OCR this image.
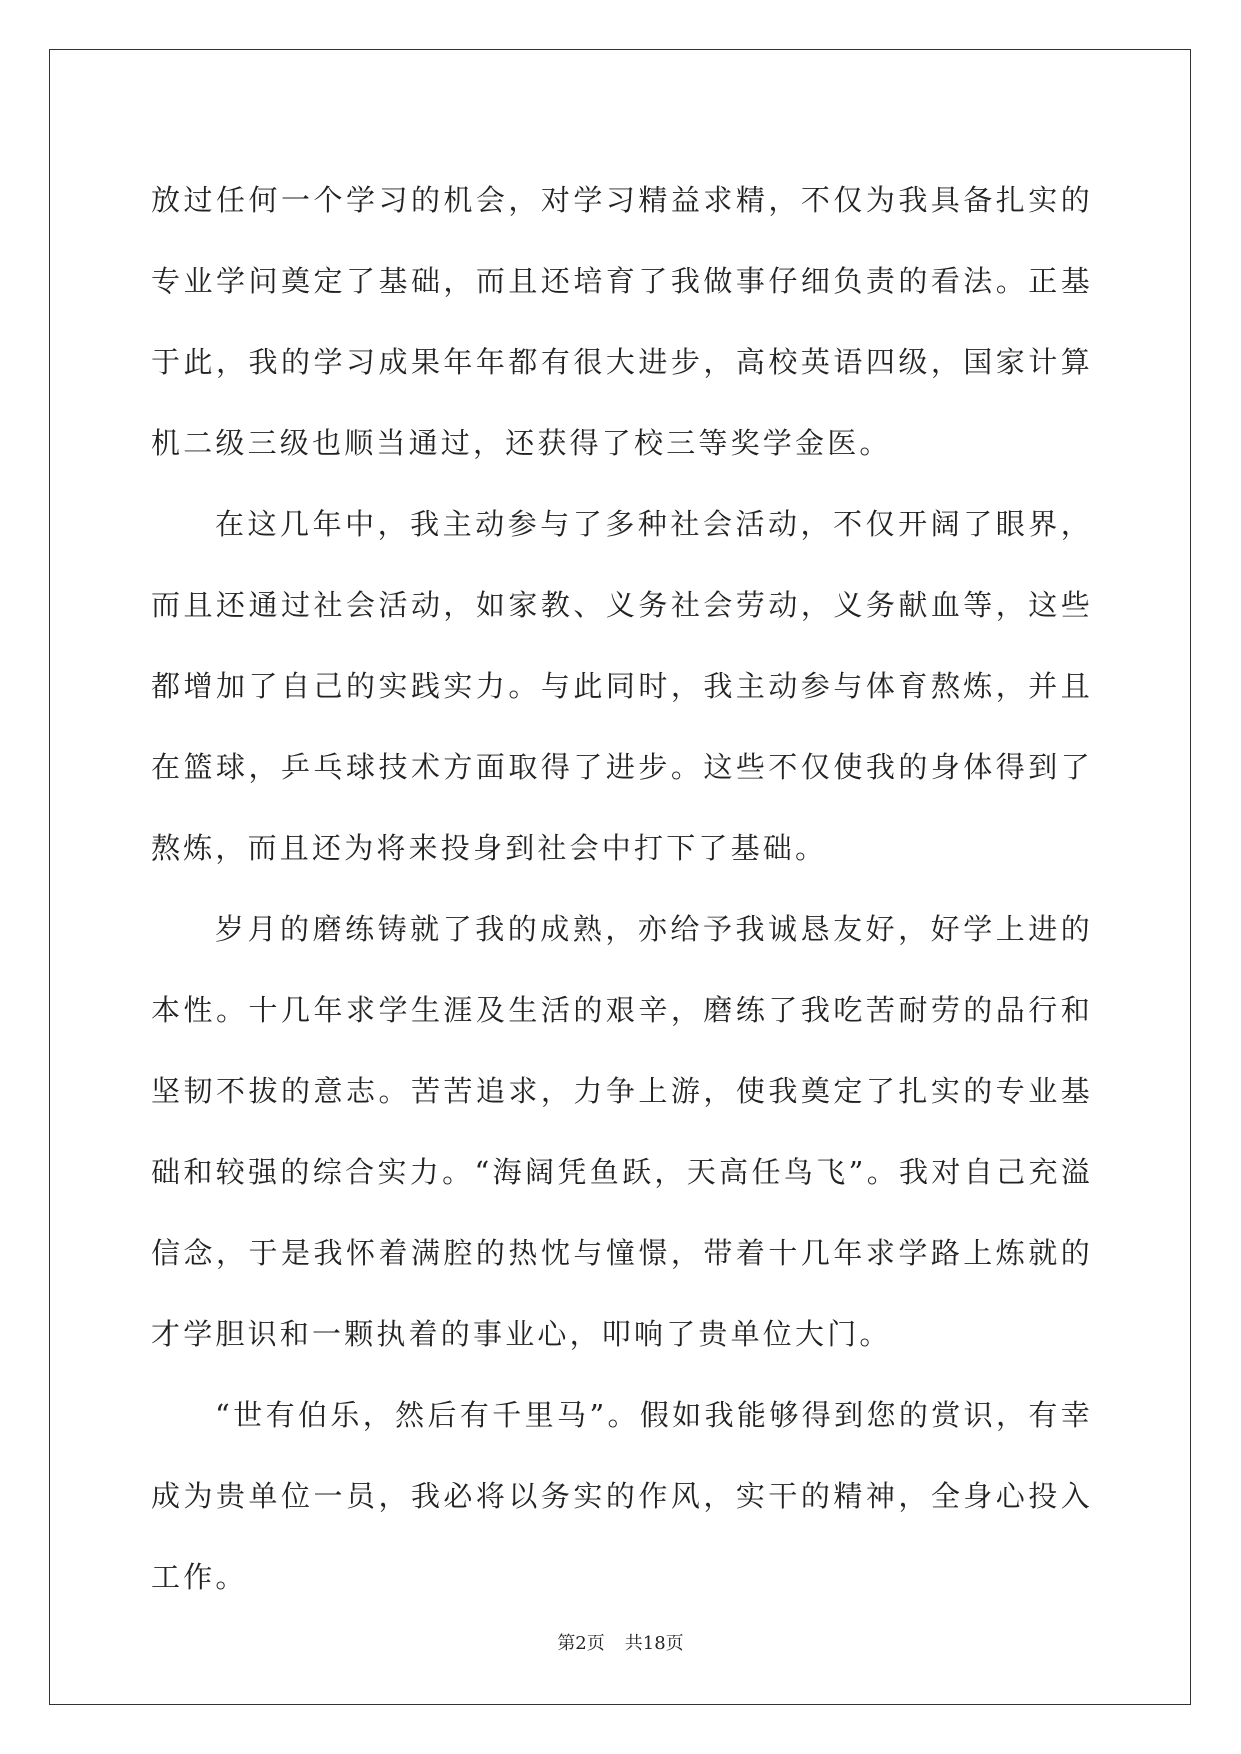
放过任何一个学习的机会，对学习精益求精，不仅为我具备扎实的专业学问奠定了基础，而且还培育了我做事仔细负责的看法。正基于此，我的学习成果年年都有很大进步，高校英语四级，国家计算机二级三级也顺当通过，还获得了校三等奖学金医。

在这几年中，我主动参与了多种社会活动，不仅开阔了眼界，而且还通过社会活动，如家教、义务社会劳动，义务献血等，这些都增加了自己的实践实力。与此同时，我主动参与体育熬炼，并且在篮球，乒乓球技术方面取得了进步。这些不仅使我的身体得到了熬炼，而且还为将来投身到社会中打下了基础。

岁月的磨练铸就了我的成熟，亦给予我诚恳友好，好学上进的本性。十几年求学生涯及生活的艰辛，磨练了我吃苦耐劳的品行和坚韧不拔的意志。苦苦追求，力争上游，使我奠定了扎实的专业基础和较强的综合实力。“海阔凭鱼跃，天高任鸟飞”。我对自己充溢信念，于是我怀着满腔的热忱与憧憬，带着十几年求学路上炼就的才学胆识和一颗执着的事业心，叩响了贵单位大门。

“世有伯乐，然后有千里马”。假如我能够得到您的赏识，有幸成为贵单位一员，我必将以务实的作风，实干的精神，全身心投入工作。

第2页 共18页
